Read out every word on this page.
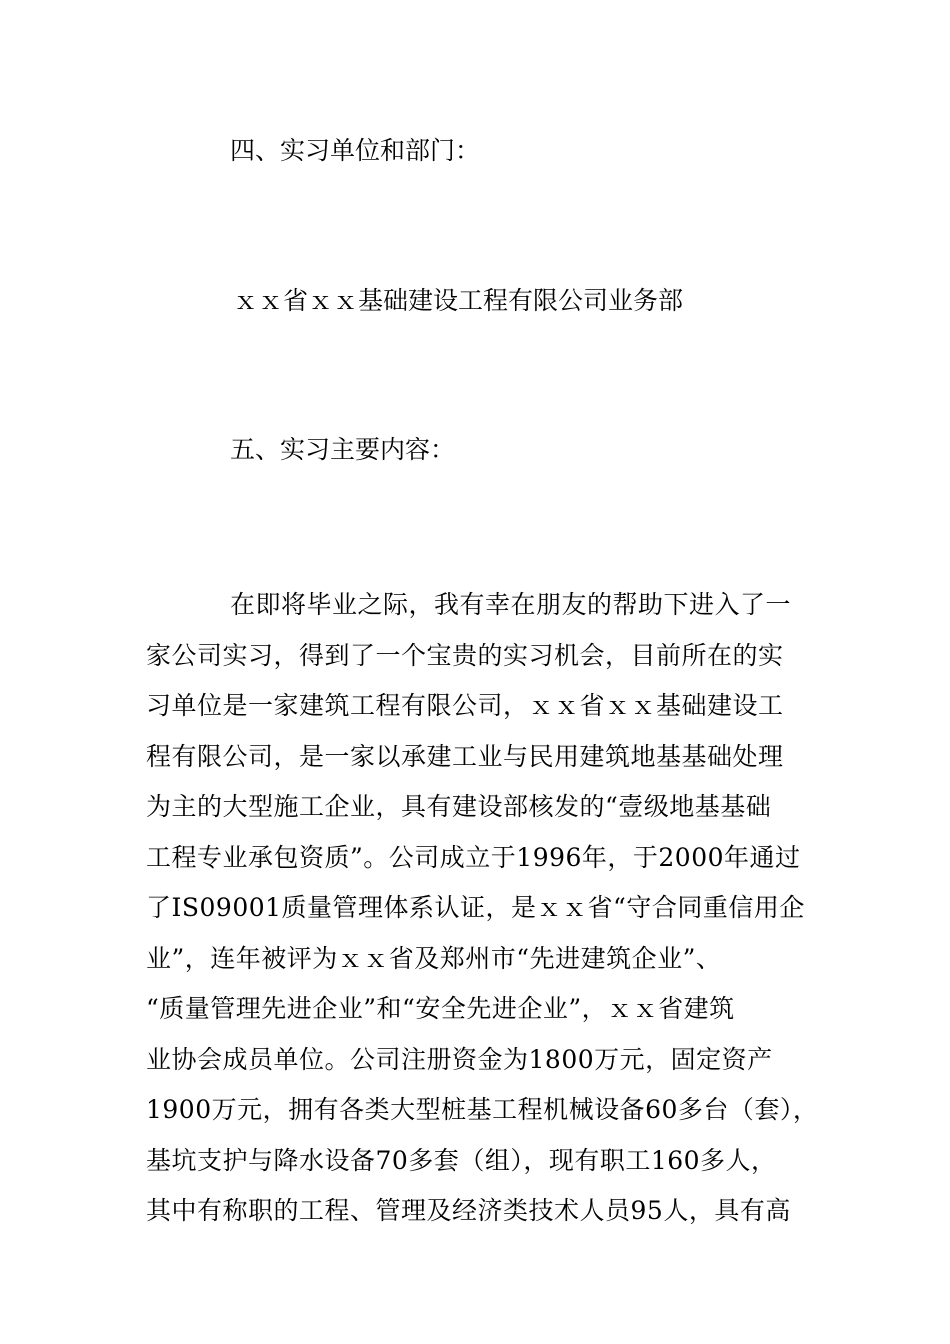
四、实习单位和部门：
ｘｘ省ｘｘ基础建设工程有限公司业务部
五、实习主要内容：
在即将毕业之际，我有幸在朋友的帮助下进入了一
家公司实习，得到了一个宝贵的实习机会，目前所在的实
习单位是一家建筑工程有限公司，ｘｘ省ｘｘ基础建设工
程有限公司，是一家以承建工业与民用建筑地基基础处理
为主的大型施工企业，具有建设部核发的“壹级地基基础
工程专业承包资质”。公司成立于1996年，于2000年通过
了IS09001质量管理体系认证，是ｘｘ省“守合同重信用企
业”，连年被评为ｘｘ省及郑州市“先进建筑企业”、
“质量管理先进企业”和“安全先进企业”，ｘｘ省建筑
业协会成员单位。公司注册资金为1800万元，固定资产
1900万元，拥有各类大型桩基工程机械设备60多台（套），
基坑支护与降水设备70多套（组），现有职工160多人，
其中有称职的工程、管理及经济类技术人员95人，具有高
